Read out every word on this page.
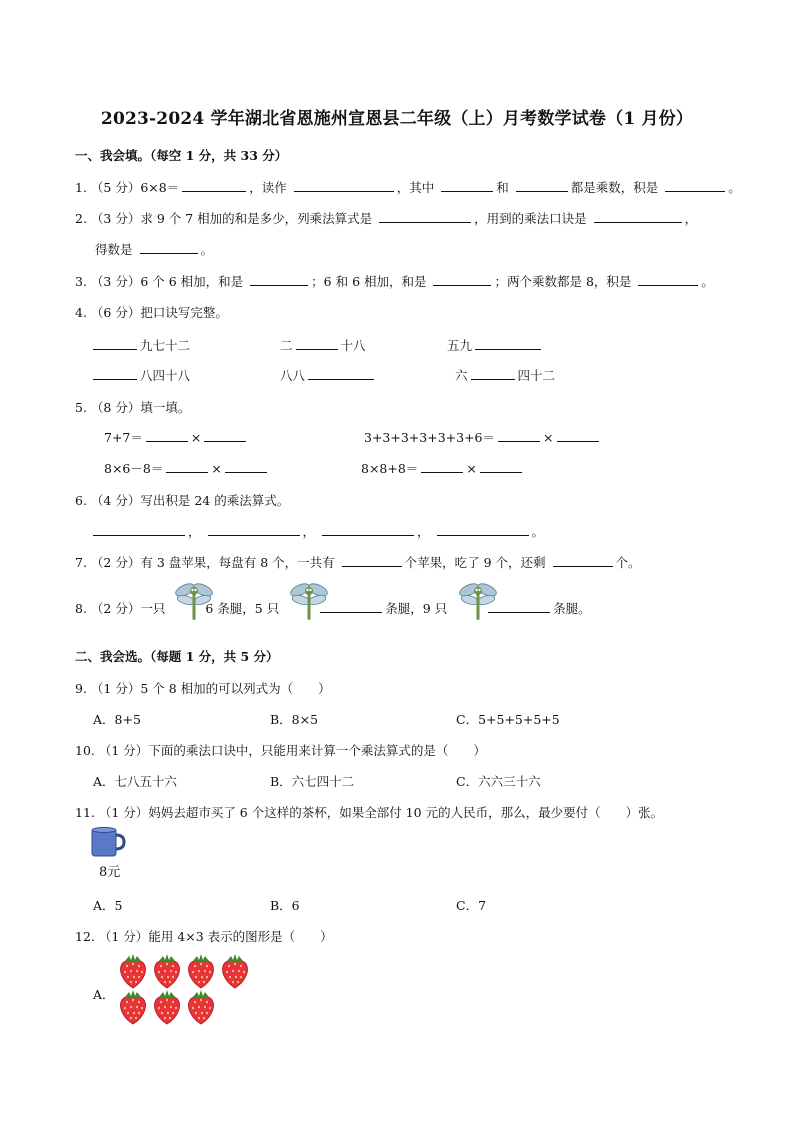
2023-2024 学年湖北省恩施州宣恩县二年级（上）月考数学试卷（1 月份）
一、我会填。（每空 1 分，共 33 分）
1. （5 分）6×8＝	，读作	，其中	和	都是乘数，积是	。
2. （3 分）求 9 个 7 相加的和是多少，列乘法算式是	，用到的乘法口诀是	，
得数是	。
3. （3 分）6 个 6 相加，和是	；6 和 6 相加，和是	；两个乘数都是 8，积是	。
4. （6 分）把口诀写完整。
九七十二	二	十八	五九
八四十八	八八	六	四十二
5. （8 分）填一填。
7+7＝	×	3+3+3+3+3+3+6＝	×
8×6－8＝	×	8×8+8＝	×
6. （4 分）写出积是 24 的乘法算式。
，	，	，	。
7. （2 分）有 3 盘苹果，每盘有 8 个，一共有	个苹果，吃了 9 个，还剩	个。
8. （2 分）一只	6 条腿，5 只	条腿，9 只	条腿。
二、我会选。（每题 1 分，共 5 分）
9. （1 分）5 个 8 相加的可以列式为（　　）
A．8+5	B．8×5	C．5+5+5+5+5
10. （1 分）下面的乘法口诀中，只能用来计算一个乘法算式的是（　　）
A．七八五十六	B．六七四十二	C．六六三十六
11. （1 分）妈妈去超市买了 6 个这样的茶杯，如果全部付 10 元的人民币，那么，最少要付（　　）张。
8元
A．5	B．6	C．7
12. （1 分）能用 4×3 表示的图形是（　　）
A．
